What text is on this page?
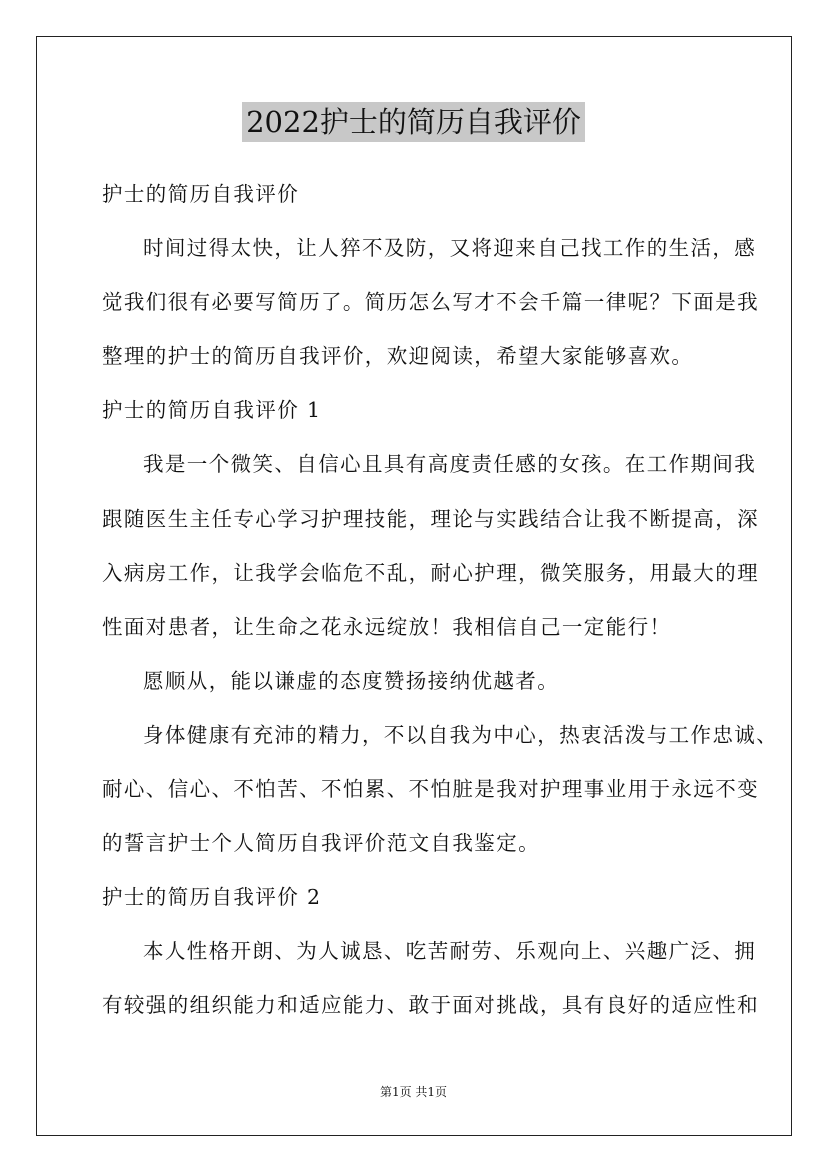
2022护士的简历自我评价
护士的简历自我评价
时间过得太快，让人猝不及防，又将迎来自己找工作的生活，感
觉我们很有必要写简历了。简历怎么写才不会千篇一律呢？下面是我
整理的护士的简历自我评价，欢迎阅读，希望大家能够喜欢。
护士的简历自我评价 1
我是一个微笑、自信心且具有高度责任感的女孩。在工作期间我
跟随医生主任专心学习护理技能，理论与实践结合让我不断提高，深
入病房工作，让我学会临危不乱，耐心护理，微笑服务，用最大的理
性面对患者，让生命之花永远绽放！我相信自己一定能行！
愿顺从，能以谦虚的态度赞扬接纳优越者。
身体健康有充沛的精力，不以自我为中心，热衷活泼与工作忠诚、
耐心、信心、不怕苦、不怕累、不怕脏是我对护理事业用于永远不变
的誓言护士个人简历自我评价范文自我鉴定。
护士的简历自我评价 2
本人性格开朗、为人诚恳、吃苦耐劳、乐观向上、兴趣广泛、拥
有较强的组织能力和适应能力、敢于面对挑战，具有良好的适应性和
第1页 共1页
